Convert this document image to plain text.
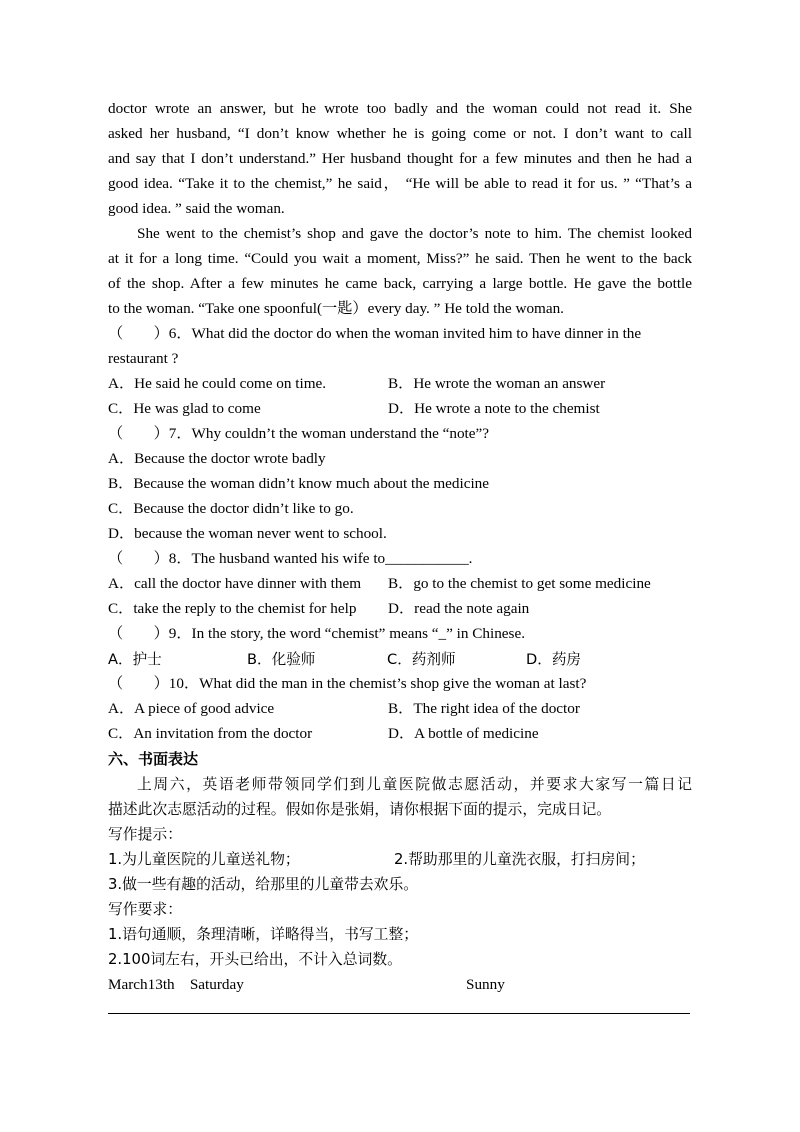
doctor wrote an answer, but he wrote too badly and the woman could not read it. She
asked her husband, “I don’t know whether he is going come or not. I don’t want to call
and say that I don’t understand.” Her husband thought for a few minutes and then he had a
good idea. “Take it to the chemist,” he said， “He will be able to read it for us. ” “That’s a
good idea. ” said the woman.
She went to the chemist’s shop and gave the doctor’s note to him. The chemist looked
at it for a long time. “Could you wait a moment, Miss?” he said. Then he went to the back
of the shop. After a few minutes he came back, carrying a large bottle. He gave the bottle
to the woman. “Take one spoonful(一匙）every day. ” He told the woman.
（　　）6．What did the doctor do when the woman invited him to have dinner in the
restaurant ?
A．He said he could come on time.	B．He wrote the woman an answer
C．He was glad to come	D．He wrote a note to the chemist
（　　）7．Why couldn’t the woman understand the “note”?
A．Because the doctor wrote badly
B．Because the woman didn’t know much about the medicine
C．Because the doctor didn’t like to go.
D．because the woman never went to school.
（　　）8．The husband wanted his wife to___________.
A．call the doctor have dinner with them B．go to the chemist to get some medicine
C．take the reply to the chemist for help D．read the note again
（　　）9．In the story, the word “chemist” means “_” in Chinese.
A．护士	B．化验师	C．药剂师	D．药房
（　　）10．What did the man in the chemist’s shop give the woman at last?
A．A piece of good advice	B．The right idea of the doctor
C．An invitation from the doctor	D．A bottle of medicine
六、书面表达
上周六，英语老师带领同学们到儿童医院做志愿活动，并要求大家写一篇日记
描述此次志愿活动的过程。假如你是张娟，请你根据下面的提示，完成日记。
写作提示：
1.为儿童医院的儿童送礼物；	2.帮助那里的儿童洗衣服，打扫房间；
3.做一些有趣的活动，给那里的儿童带去欢乐。
写作要求：
1.语句通顺，条理清晰，详略得当，书写工整；
2.100词左右，开头已给出，不计入总词数。
March13th    Saturday	Sunny
